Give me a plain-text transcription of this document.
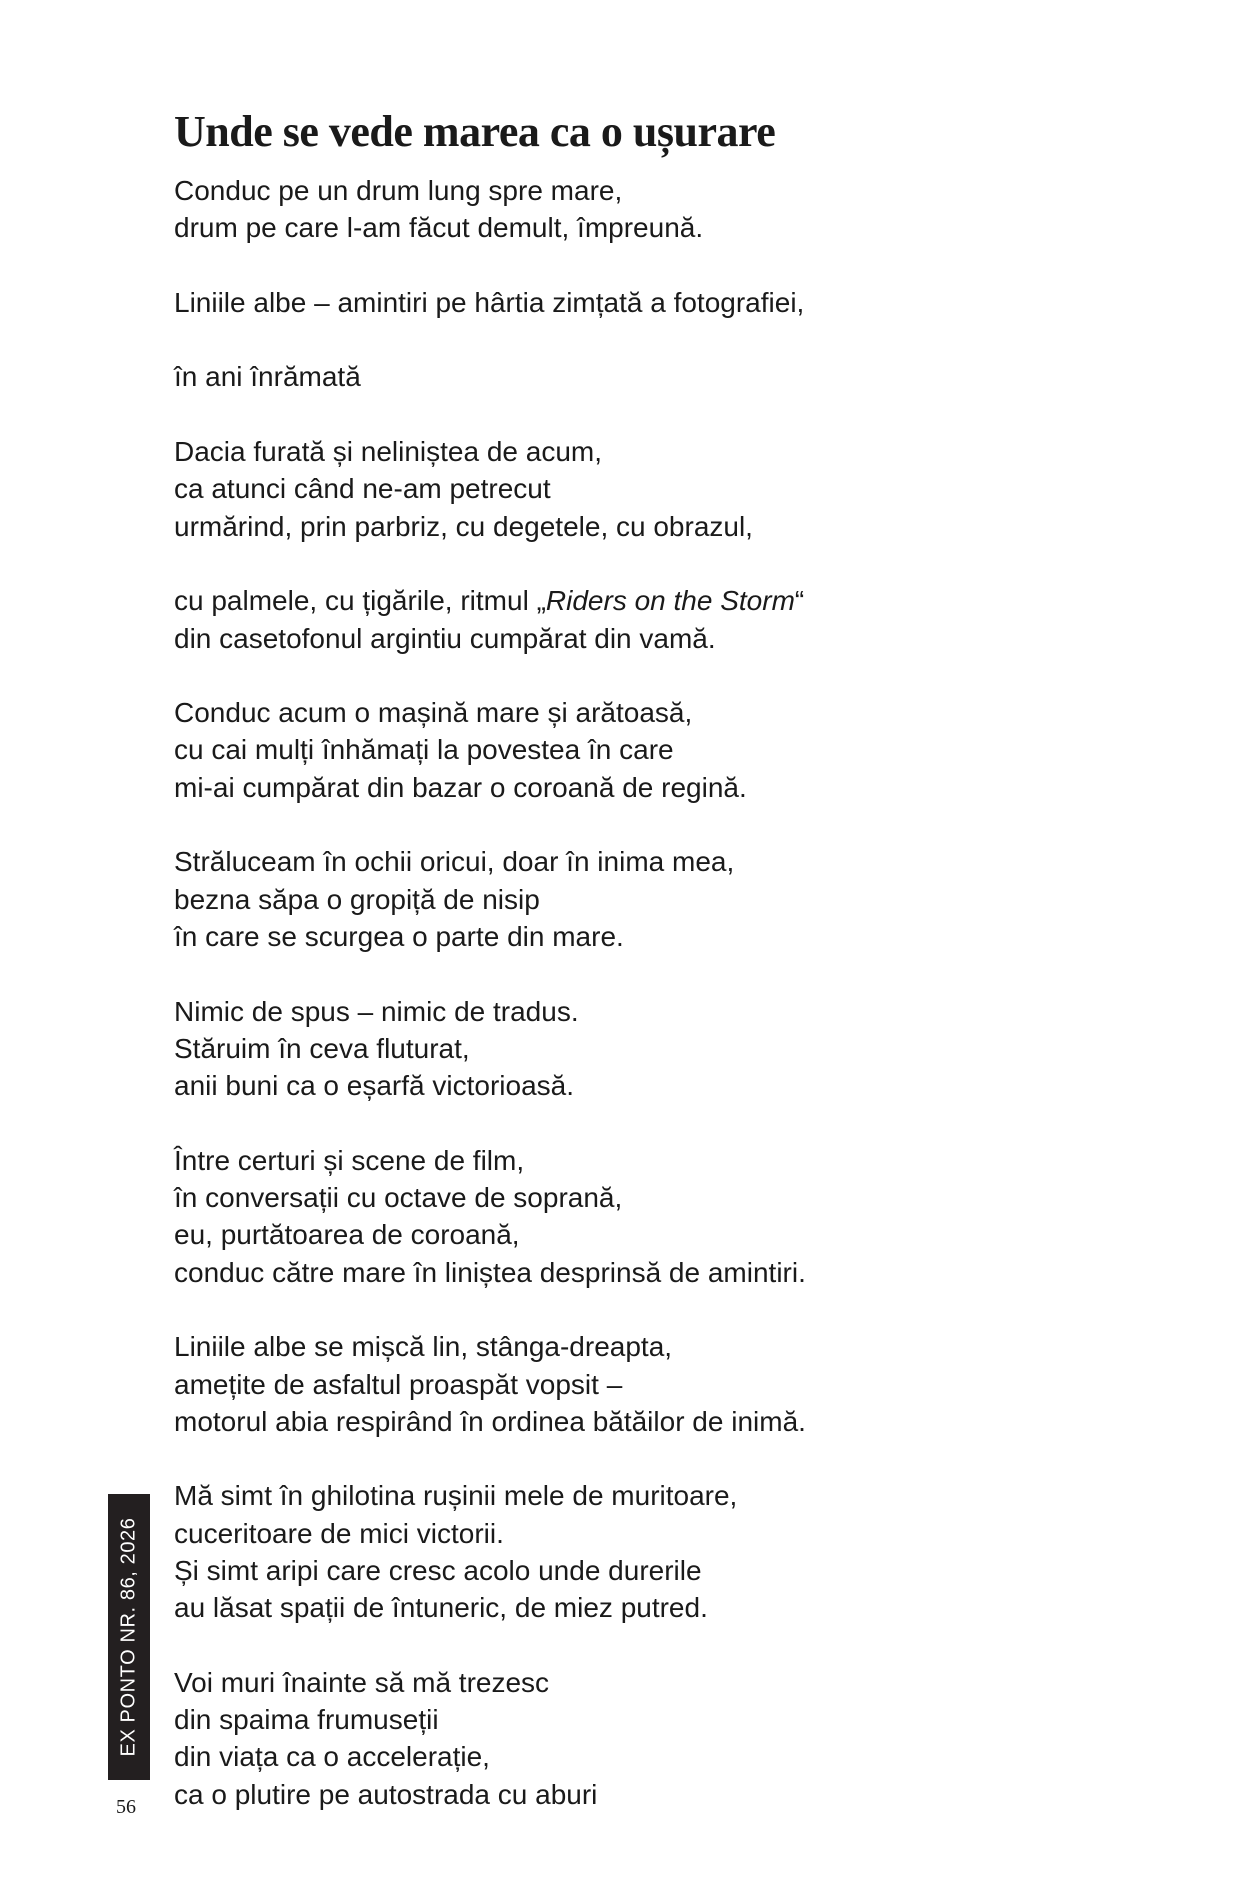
Unde se vede marea ca o ușurare

Conduc pe un drum lung spre mare,
drum pe care l-am făcut demult, împreună.

Liniile albe – amintiri pe hârtia zimțată a fotografiei,

în ani înrămată

Dacia furată și neliniștea de acum,
ca atunci când ne-am petrecut
urmărind, prin parbriz, cu degetele, cu obrazul,

cu palmele, cu țigările, ritmul „Riders on the Storm“
din casetofonul argintiu cumpărat din vamă.

Conduc acum o mașină mare și arătoasă,
cu cai mulți înhămați la povestea în care
mi-ai cumpărat din bazar o coroană de regină.

Străluceam în ochii oricui, doar în inima mea,
bezna săpa o gropiță de nisip
în care se scurgea o parte din mare.

Nimic de spus – nimic de tradus.
Stăruim în ceva fluturat,
anii buni ca o eșarfă victorioasă.

Între certuri și scene de film,
în conversații cu octave de soprană,
eu, purtătoarea de coroană,
conduc către mare în liniștea desprinsă de amintiri.

Liniile albe se mișcă lin, stânga-dreapta,
amețite de asfaltul proaspăt vopsit –
motorul abia respirând în ordinea bătăilor de inimă.

Mă simt în ghilotina rușinii mele de muritoare,
cuceritoare de mici victorii.
Și simt aripi care cresc acolo unde durerile
au lăsat spații de întuneric, de miez putred.

Voi muri înainte să mă trezesc
din spaima frumuseții
din viața ca o accelerație,
ca o plutire pe autostrada cu aburi

EX PONTO NR. 86, 2026
56
